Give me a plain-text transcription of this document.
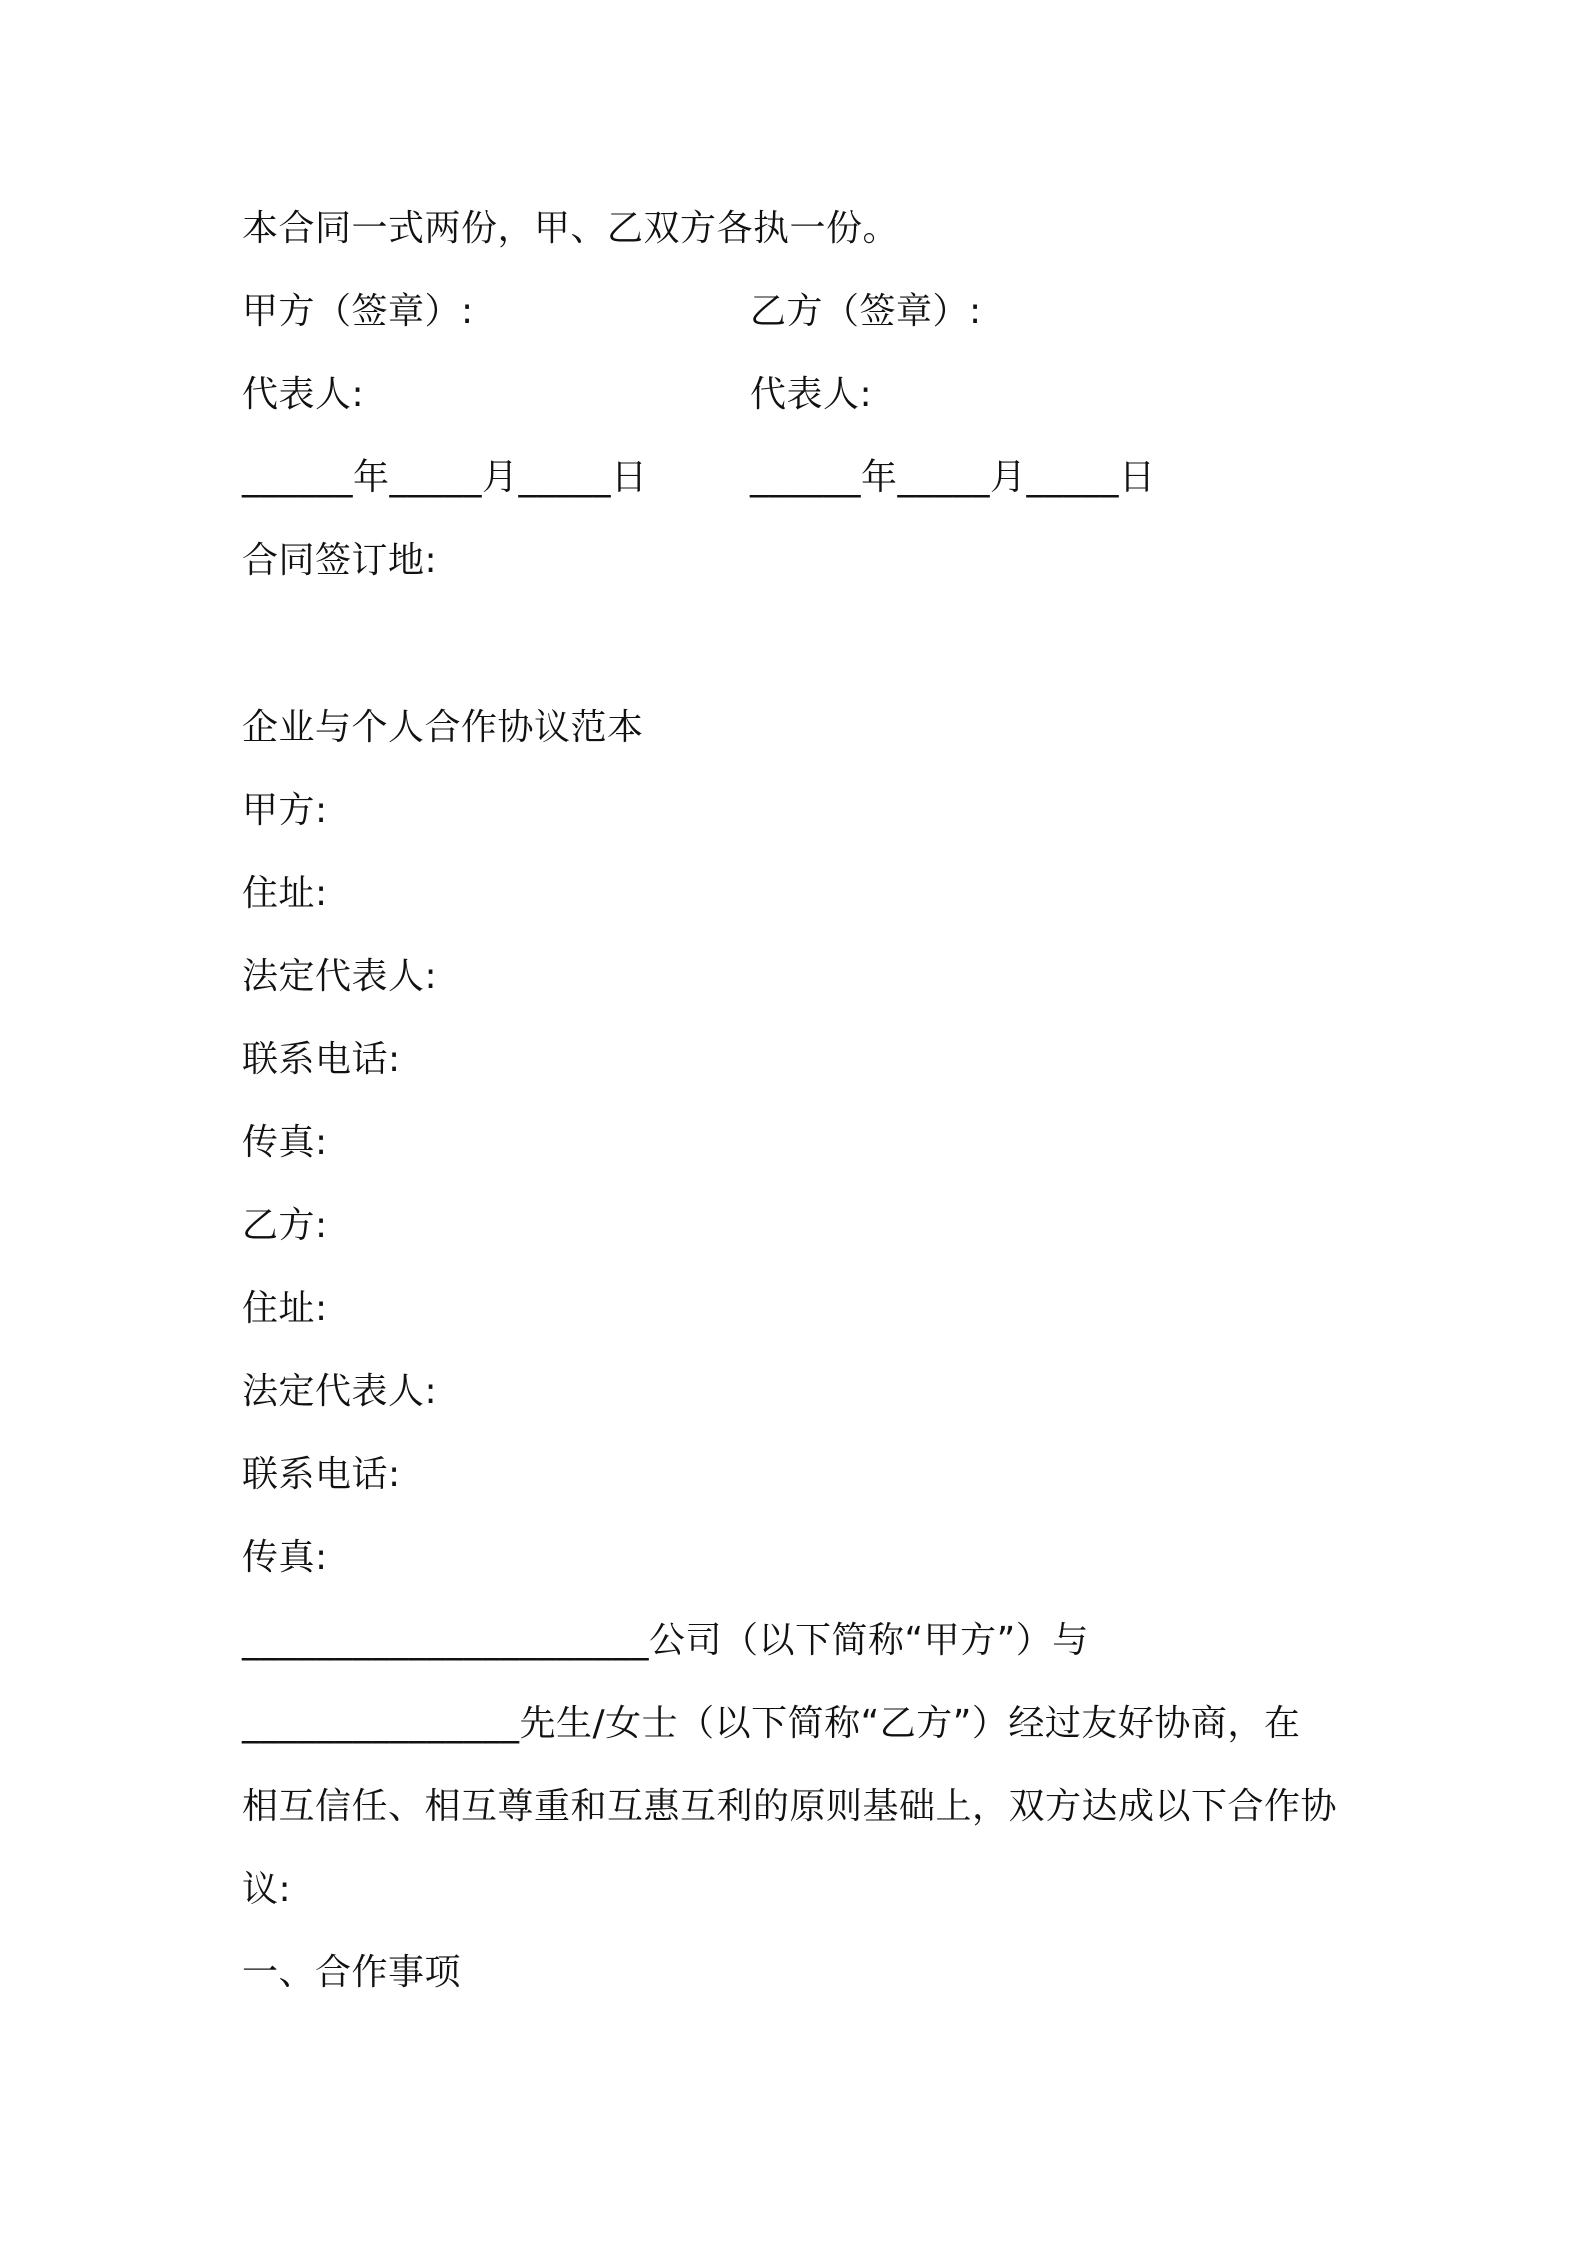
本合同一式两份，甲、乙双方各执一份。
甲方（签章）:	乙方（签章）:
代表人:	代表人:
______年_____月_____日	______年_____月_____日
合同签订地:
企业与个人合作协议范本
甲方:
住址:
法定代表人:
联系电话:
传真:
乙方:
住址:
法定代表人:
联系电话:
传真:
______________________公司（以下简称“甲方”）与
_______________先生/女士（以下简称“乙方”）经过友好协商，在
相互信任、相互尊重和互惠互利的原则基础上，双方达成以下合作协
议:
一、合作事项
